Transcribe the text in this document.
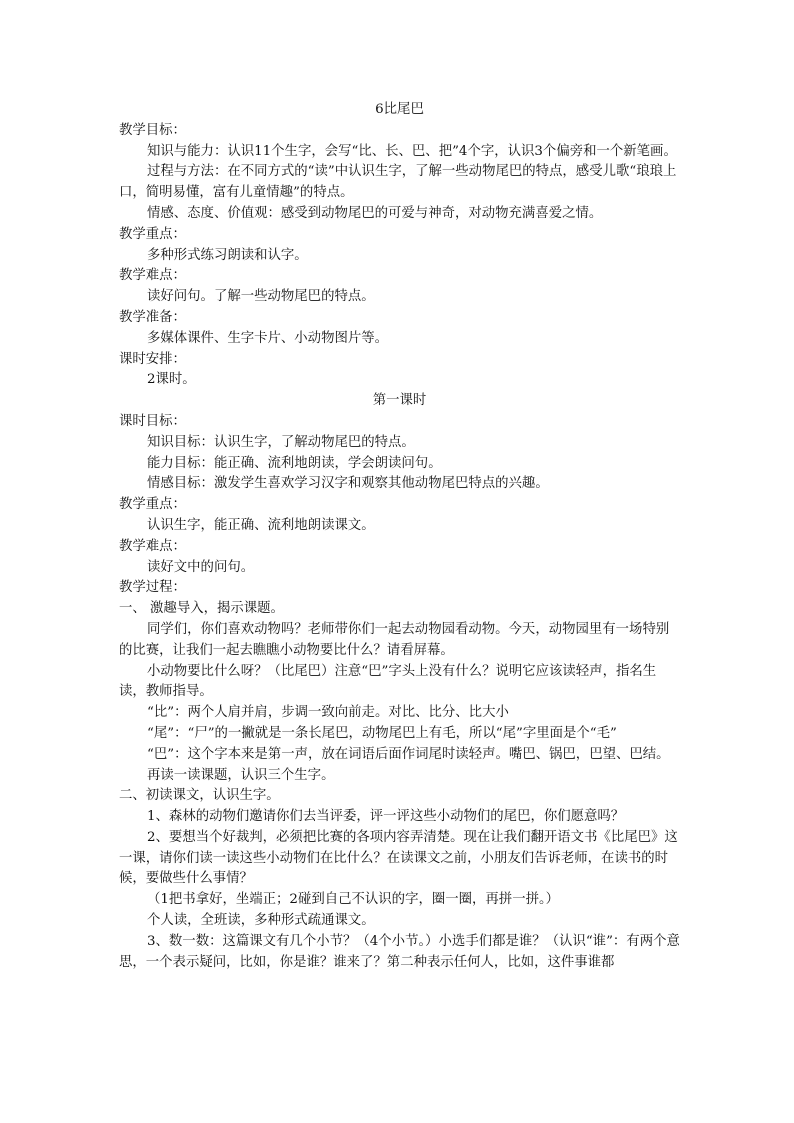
6比尾巴

教学目标：

知识与能力：认识11个生字，会写“比、长、巴、把”4个字，认识3个偏旁和一个新笔画。

过程与方法：在不同方式的“读”中认识生字，了解一些动物尾巴的特点，感受儿歌“琅琅上口，简明易懂，富有儿童情趣”的特点。

情感、态度、价值观：感受到动物尾巴的可爱与神奇，对动物充满喜爱之情。

教学重点：

多种形式练习朗读和认字。

教学难点：

读好问句。了解一些动物尾巴的特点。

教学准备：

多媒体课件、生字卡片、小动物图片等。

课时安排：

2课时。

第一课时

课时目标：

知识目标：认识生字，了解动物尾巴的特点。

能力目标：能正确、流利地朗读，学会朗读问句。

情感目标：激发学生喜欢学习汉字和观察其他动物尾巴特点的兴趣。

教学重点：

认识生字，能正确、流利地朗读课文。

教学难点：

读好文中的问句。

教学过程：

一、 激趣导入，揭示课题。

同学们，你们喜欢动物吗？老师带你们一起去动物园看动物。今天，动物园里有一场特别的比赛，让我们一起去瞧瞧小动物要比什么？请看屏幕。

小动物要比什么呀？（比尾巴）注意“巴”字头上没有什么？说明它应该读轻声，指名生读，教师指导。

“比”：两个人肩并肩，步调一致向前走。对比、比分、比大小

“尾”：“尸”的一撇就是一条长尾巴，动物尾巴上有毛，所以“尾”字里面是个“毛”

“巴”：这个字本来是第一声，放在词语后面作词尾时读轻声。嘴巴、锅巴，巴望、巴结。

再读一读课题，认识三个生字。

二、初读课文，认识生字。

1、森林的动物们邀请你们去当评委，评一评这些小动物们的尾巴，你们愿意吗？

2、要想当个好裁判，必须把比赛的各项内容弄清楚。现在让我们翻开语文书《比尾巴》这一课，请你们读一读这些小动物们在比什么？在读课文之前，小朋友们告诉老师，在读书的时候，要做些什么事情？

（1把书拿好，坐端正；2碰到自己不认识的字，圈一圈，再拼一拼。）

个人读，全班读，多种形式疏通课文。

3、数一数：这篇课文有几个小节？（4个小节。）小选手们都是谁？（认识“谁”：有两个意思，一个表示疑问，比如，你是谁？谁来了？第二种表示任何人，比如，这件事谁都
